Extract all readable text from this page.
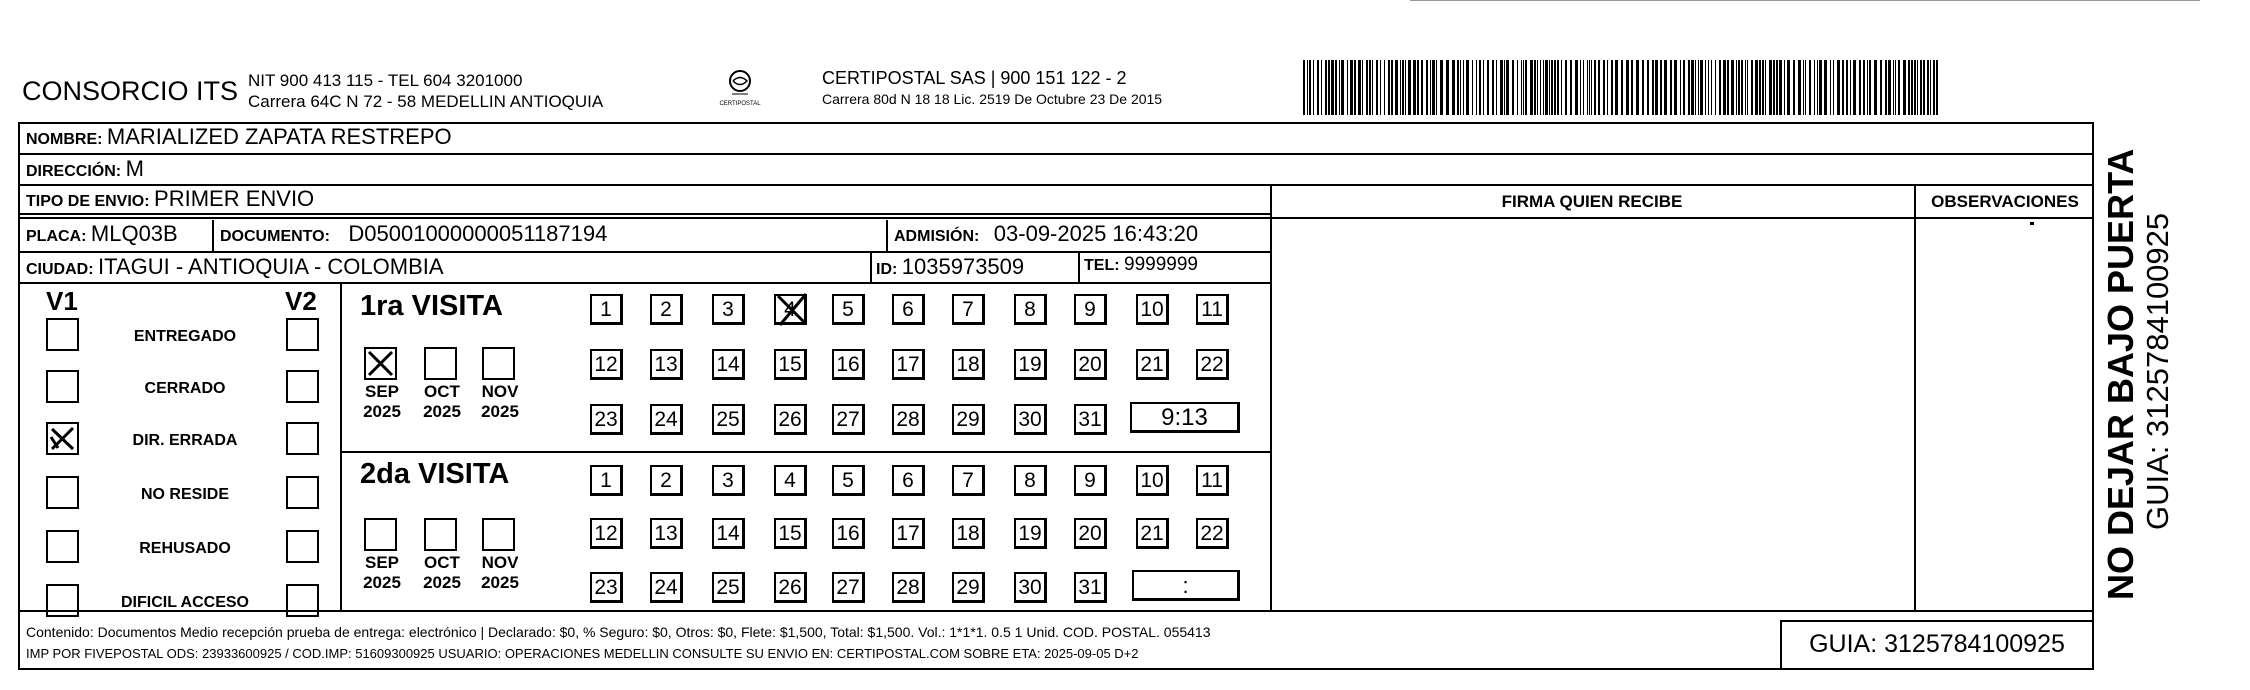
CONSORCIO ITS NIT 900 413 115 - TEL 604 3201000
Carrera 64C N 72 - 58 MEDELLIN ANTIOQUIA	CERTIPOSTAL
CERTIPOSTAL SAS | 900 151 122 - 2
Carrera 80d N 18 18 Lic. 2519 De Octubre 23 De 2015
NOMBRE: MARIALIZED ZAPATA RESTREPO
DIRECCIÓN: M
TIPO DE ENVIO: PRIMER ENVIO	FIRMA QUIEN RECIBE	OBSERVACIONES
PLACA: MLQ03B	DOCUMENTO: D05001000000051187194	ADMISIÓN: 03-09-2025 16:43:20
CIUDAD: ITAGUI - ANTIOQUIA - COLOMBIA	ID: 1035973509	TEL: 9999999
V1	V2
ENTREGADO
CERRADO
DIR. ERRADA
NO RESIDE
REHUSADO
DIFICIL ACCESO
1ra VISITA
SEP
2025
OCT
2025
NOV
2025
1	2	3	4	5	6	7	8	9	10 11
12 13 14 15 16 17 18 19 20 21 22
23 24 25 26 27 28 29 30 31	9:13
2da VISITA
SEP
2025
OCT
2025
NOV
2025
1	2	3	4	5	6	7	8	9	10 11
12 13 14 15 16 17 18 19 20 21 22
23 24 25 26 27 28 29 30 31	:
Contenido: Documentos Medio recepción prueba de entrega: electrónico | Declarado: $0, % Seguro: $0, Otros: $0, Flete: $1,500, Total: $1,500. Vol.: 1*1*1. 0.5 1 Unid. COD. POSTAL. 055413
IMP POR FIVEPOSTAL ODS: 23933600925 / COD.IMP: 51609300925 USUARIO: OPERACIONES MEDELLIN CONSULTE SU ENVIO EN: CERTIPOSTAL.COM SOBRE ETA: 2025-09-05 D+2	GUIA: 3125784100925
NO DEJAR BAJO PUERTA GUIA: 3125784100925
